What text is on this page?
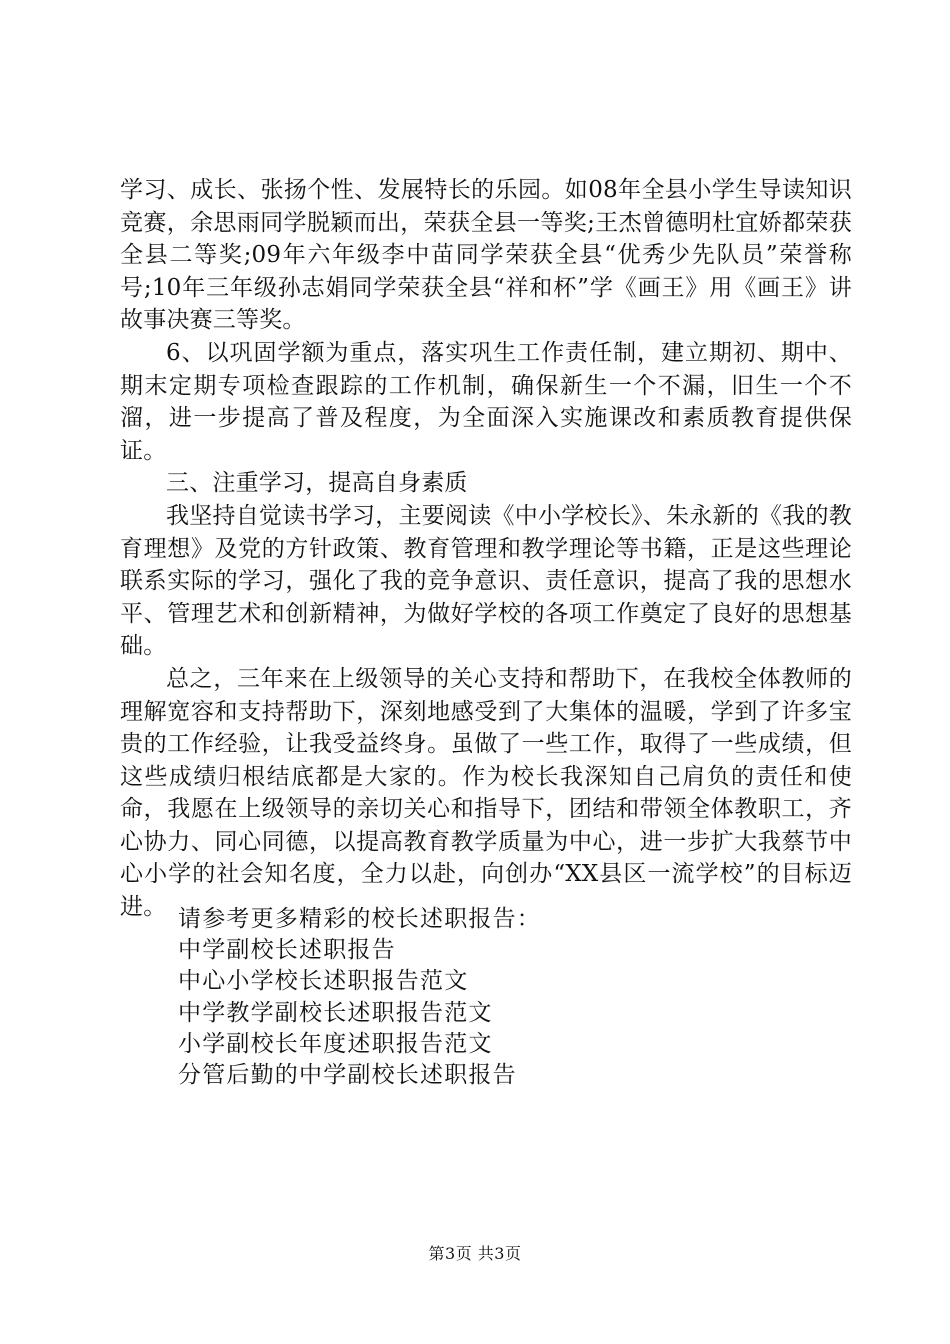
学习、成长、张扬个性、发展特长的乐园。如08年全县小学生导读知识竞赛，余思雨同学脱颖而出，荣获全县一等奖;王杰曾德明杜宜娇都荣获全县二等奖;09年六年级李中苗同学荣获全县“优秀少先队员”荣誉称号;10年三年级孙志娟同学荣获全县“祥和杯”学《画王》用《画王》讲故事决赛三等奖。

6、以巩固学额为重点，落实巩生工作责任制，建立期初、期中、期末定期专项检查跟踪的工作机制，确保新生一个不漏，旧生一个不溜，进一步提高了普及程度，为全面深入实施课改和素质教育提供保证。

三、注重学习，提高自身素质

我坚持自觉读书学习，主要阅读《中小学校长》、朱永新的《我的教育理想》及党的方针政策、教育管理和教学理论等书籍，正是这些理论联系实际的学习，强化了我的竞争意识、责任意识，提高了我的思想水平、管理艺术和创新精神，为做好学校的各项工作奠定了良好的思想基础。

总之，三年来在上级领导的关心支持和帮助下，在我校全体教师的理解宽容和支持帮助下，深刻地感受到了大集体的温暖，学到了许多宝贵的工作经验，让我受益终身。虽做了一些工作，取得了一些成绩，但这些成绩归根结底都是大家的。作为校长我深知自己肩负的责任和使命，我愿在上级领导的亲切关心和指导下，团结和带领全体教职工，齐心协力、同心同德，以提高教育教学质量为中心，进一步扩大我蔡节中心小学的社会知名度，全力以赴，向创办“XX县区一流学校”的目标迈进。 请参考更多精彩的校长述职报告：
中学副校长述职报告
中心小学校长述职报告范文
中学教学副校长述职报告范文
小学副校长年度述职报告范文
分管后勤的中学副校长述职报告
第3页 共3页
